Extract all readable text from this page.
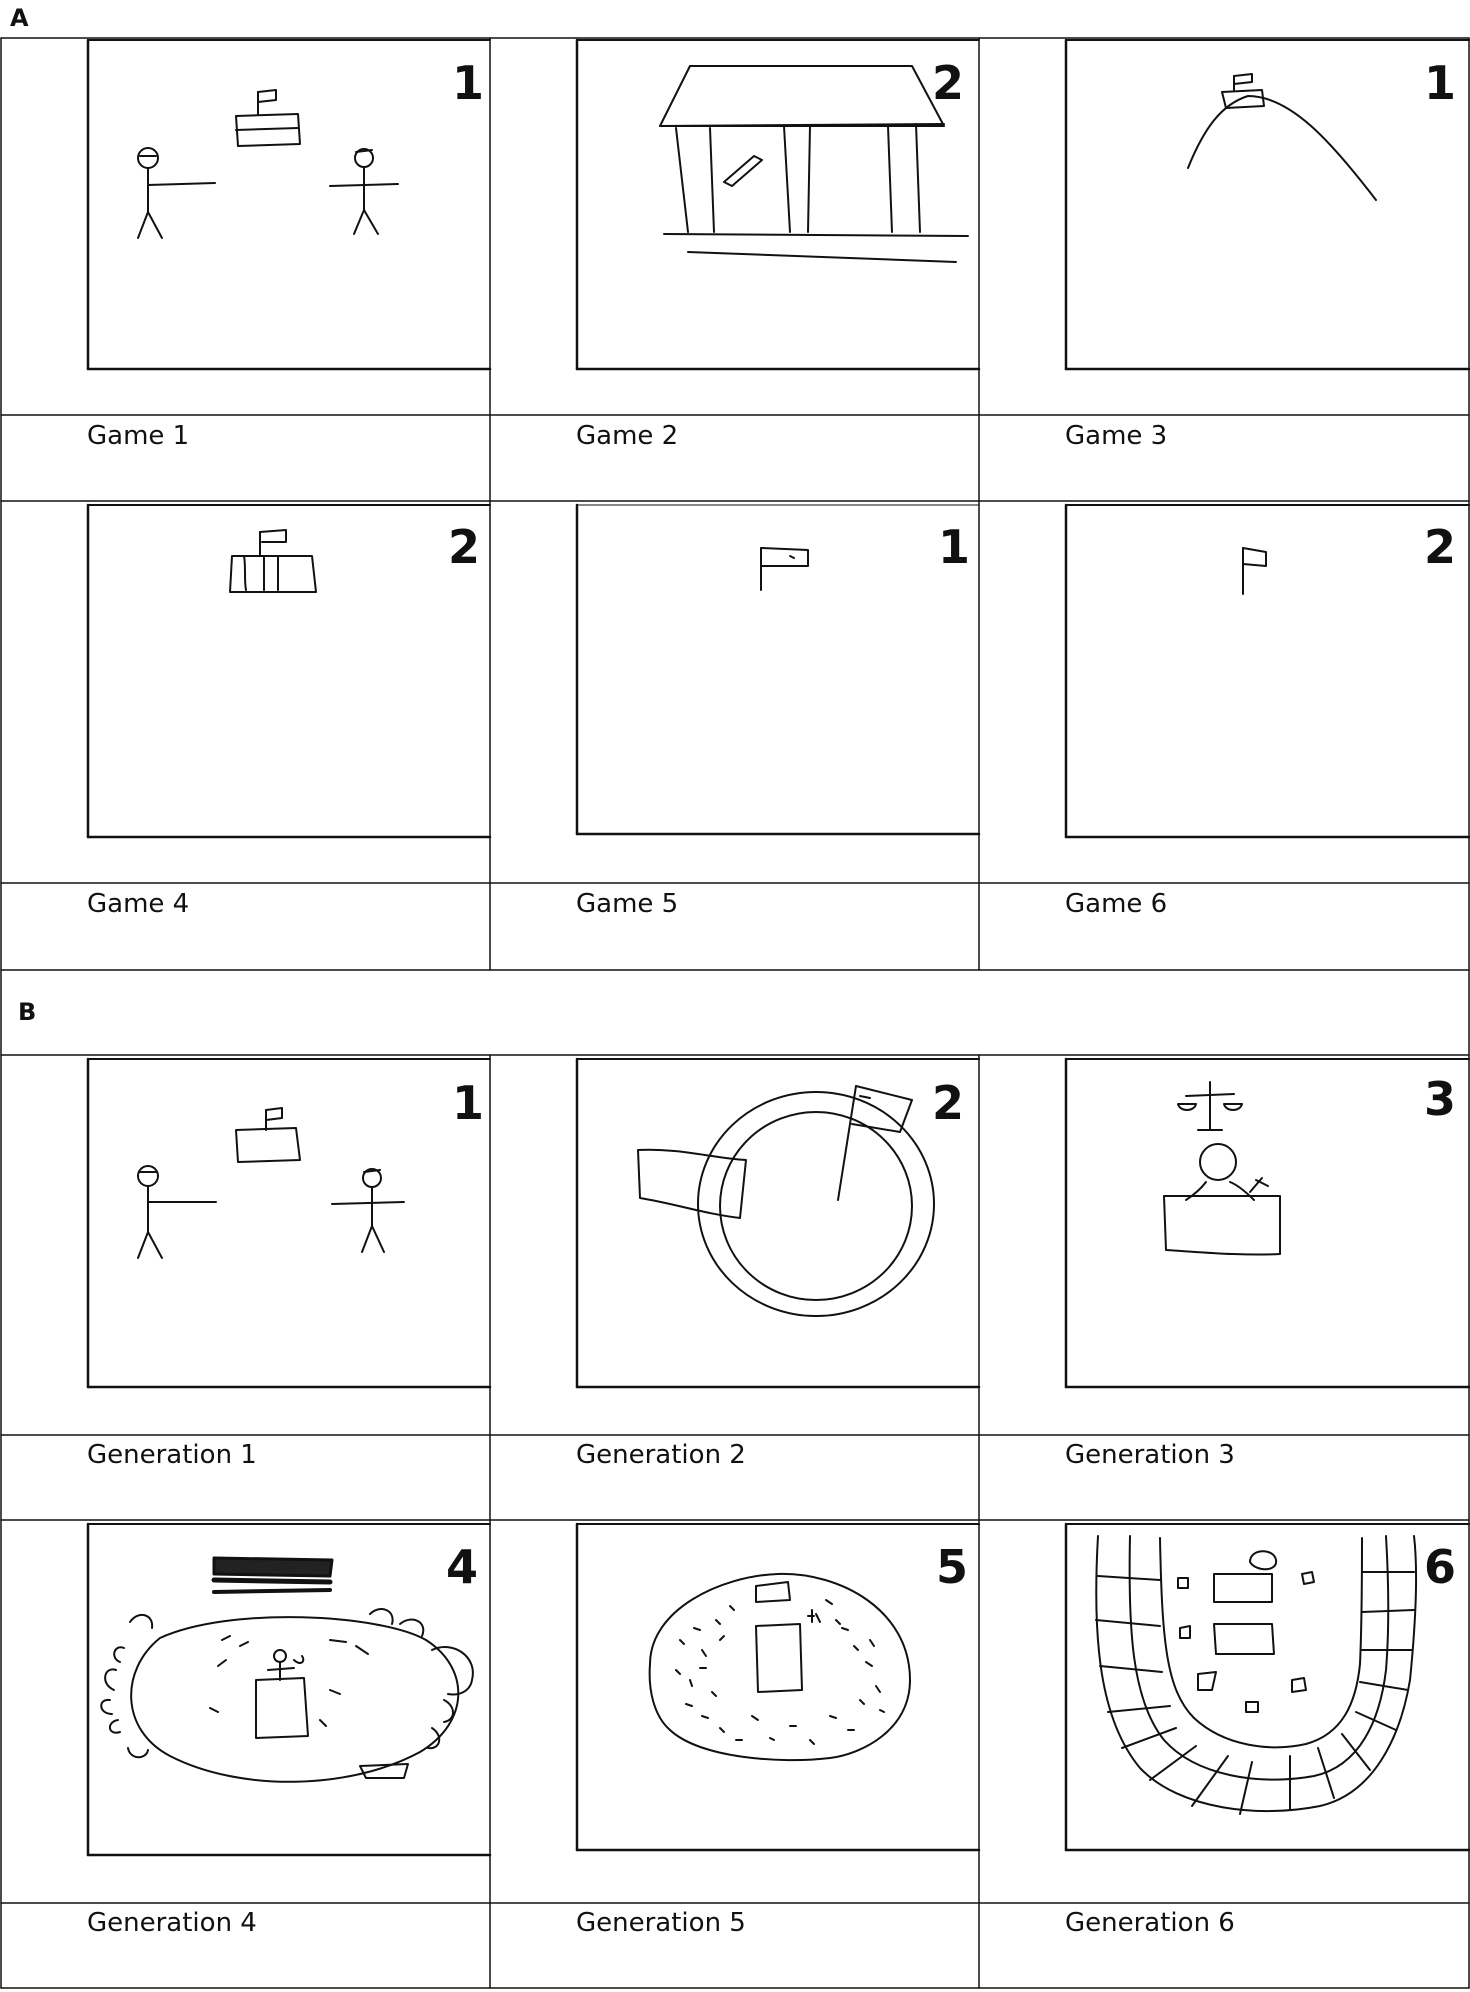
A
B
1	2	1
2	1	2
1	2	3
4	5	6
Game 1	Game 2	Game 3
Game 4	Game 5	Game 6
Generation 1	Generation 2	Generation 3
Generation 4	Generation 5	Generation 6
